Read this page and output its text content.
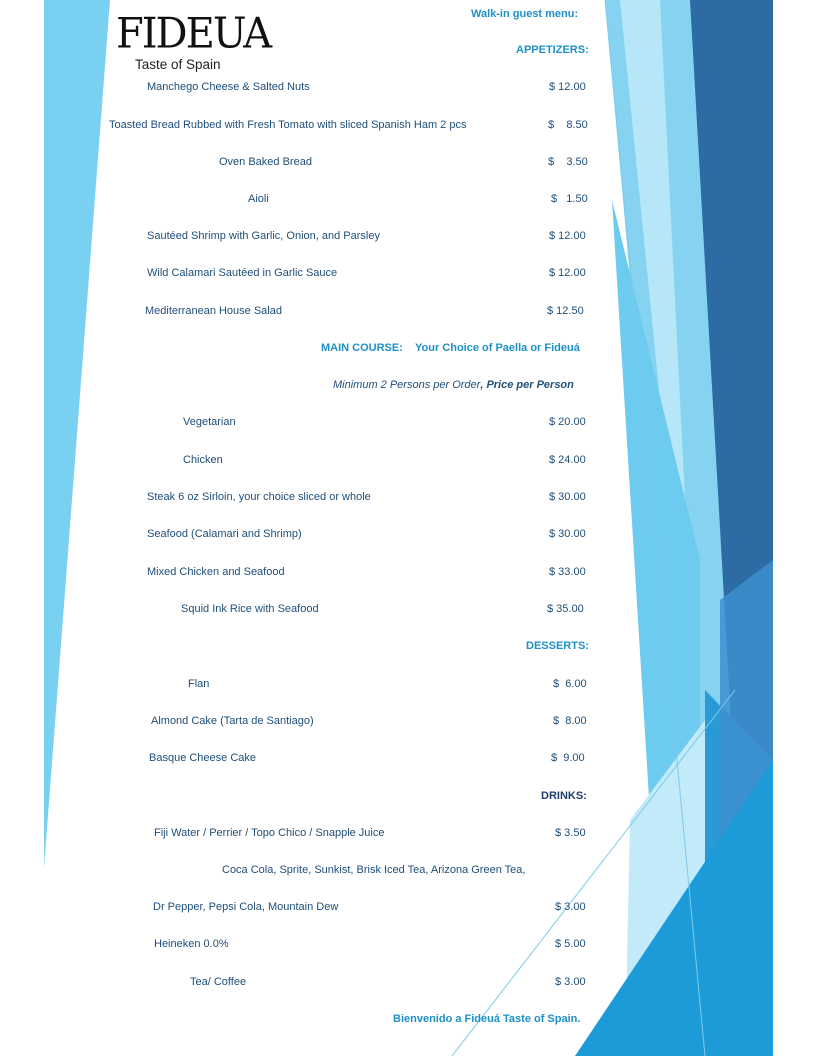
FIDEUA
Taste of Spain
Walk-in guest menu:
APPETIZERS:
Manchego Cheese & Salted Nuts	$ 12.00
Toasted Bread Rubbed with Fresh Tomato with sliced Spanish Ham 2 pcs	$    8.50
Oven Baked Bread	$    3.50
Aioli	$   1.50
Sautéed Shrimp with Garlic, Onion, and Parsley	$ 12.00
Wild Calamari Sautéed in Garlic Sauce	$ 12.00
Mediterranean House Salad	$ 12.50
MAIN COURSE: Your Choice of Paella or Fideuá
Minimum 2 Persons per Order, Price per Person
Vegetarian	$ 20.00
Chicken	$ 24.00
Steak 6 oz Sirloin, your choice sliced or whole	$ 30.00
Seafood (Calamari and Shrimp)	$ 30.00
Mixed Chicken and Seafood	$ 33.00
Squid Ink Rice with Seafood	$ 35.00
DESSERTS:
Flan	$  6.00
Almond Cake (Tarta de Santiago)	$  8.00
Basque Cheese Cake	$  9.00
DRINKS:
Fiji Water / Perrier / Topo Chico / Snapple Juice	$ 3.50
Coca Cola, Sprite, Sunkist, Brisk Iced Tea, Arizona Green Tea,
Dr Pepper, Pepsi Cola, Mountain Dew	$ 3.00
Heineken 0.0%	$ 5.00
Tea/ Coffee	$ 3.00
Bienvenido a Fideuá Taste of Spain.
